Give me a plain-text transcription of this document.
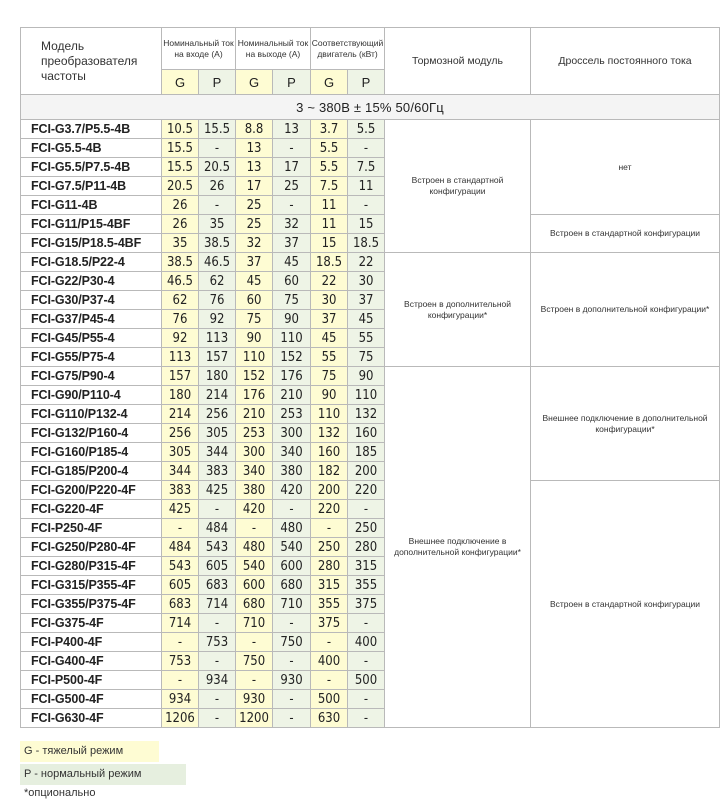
Модель преобразователя частоты	Номинальный ток на входе (А)		Номинальный ток на выходе (А)		Соответствующий двигатель (кВт)		Тормозной модуль	Дроссель постоянного тока
	G	P	G	P	G	P		
3 ~ 380В ± 15% 50/60Гц								
FCI-G3.7/P5.5-4B	10.5	15.5	8.8	13	3.7	5.5	Встроен в стандартной конфигурации	нет
FCI-G5.5-4B	15.5	-	13	-	5.5	-		
FCI-G5.5/P7.5-4B	15.5	20.5	13	17	5.5	7.5		
FCI-G7.5/P11-4B	20.5	26	17	25	7.5	11		
FCI-G11-4B	26	-	25	-	11	-		
FCI-G11/P15-4BF	26	35	25	32	11	15		Встроен в стандартной конфигурации
FCI-G15/P18.5-4BF	35	38.5	32	37	15	18.5		
FCI-G18.5/P22-4	38.5	46.5	37	45	18.5	22	Встроен в дополнительной конфигурации*	Встроен в дополнительной конфигурации*
FCI-G22/P30-4	46.5	62	45	60	22	30		
FCI-G30/P37-4	62	76	60	75	30	37		
FCI-G37/P45-4	76	92	75	90	37	45		
FCI-G45/P55-4	92	113	90	110	45	55		
FCI-G55/P75-4	113	157	110	152	55	75		
FCI-G75/P90-4	157	180	152	176	75	90	Внешнее подключение в дополнительной конфигурации*	Внешнее подключение в дополнительной конфигурации*
FCI-G90/P110-4	180	214	176	210	90	110		
FCI-G110/P132-4	214	256	210	253	110	132		
FCI-G132/P160-4	256	305	253	300	132	160		
FCI-G160/P185-4	305	344	300	340	160	185		
FCI-G185/P200-4	344	383	340	380	182	200		
FCI-G200/P220-4F	383	425	380	420	200	220		Встроен в стандартной конфигурации
FCI-G220-4F	425	-	420	-	220	-		
FCI-P250-4F	-	484	-	480	-	250		
FCI-G250/P280-4F	484	543	480	540	250	280		
FCI-G280/P315-4F	543	605	540	600	280	315		
FCI-G315/P355-4F	605	683	600	680	315	355		
FCI-G355/P375-4F	683	714	680	710	355	375		
FCI-G375-4F	714	-	710	-	375	-		
FCI-P400-4F	-	753	-	750	-	400		
FCI-G400-4F	753	-	750	-	400	-		
FCI-P500-4F	-	934	-	930	-	500		
FCI-G500-4F	934	-	930	-	500	-		
FCI-G630-4F	1206	-	1200	-	630	-		
G - тяжелый режим
P - нормальный режим
*опционально
